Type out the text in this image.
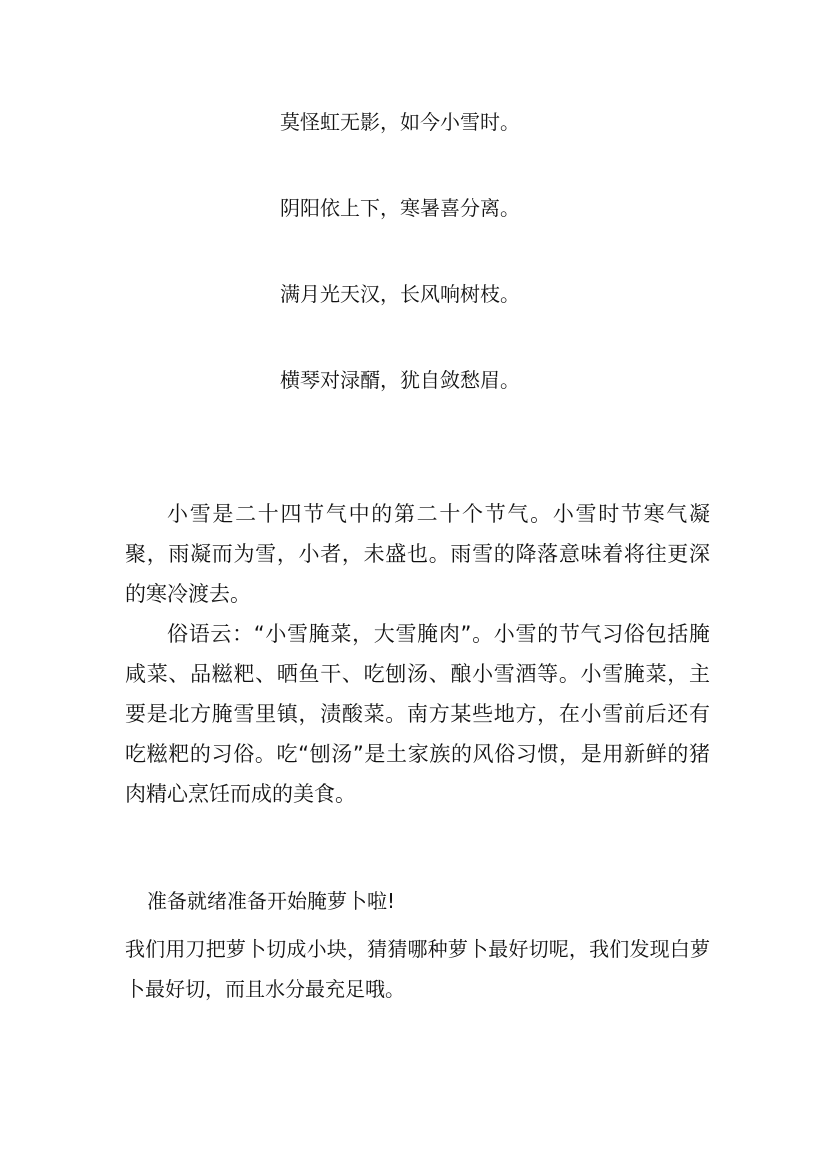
莫怪虹无影，如今小雪时。
阴阳依上下，寒暑喜分离。
满月光天汉，长风响树枝。
横琴对渌醑，犹自敛愁眉。

小雪是二十四节气中的第二十个节气。小雪时节寒气凝聚，雨凝而为雪，小者，未盛也。雨雪的降落意味着将往更深的寒冷渡去。

俗语云：“小雪腌菜，大雪腌肉”。小雪的节气习俗包括腌咸菜、品糍粑、晒鱼干、吃刨汤、酿小雪酒等。小雪腌菜，主要是北方腌雪里镇，渍酸菜。南方某些地方，在小雪前后还有吃糍粑的习俗。吃“刨汤”是土家族的风俗习惯，是用新鲜的猪肉精心烹饪而成的美食。

准备就绪准备开始腌萝卜啦!

我们用刀把萝卜切成小块，猜猜哪种萝卜最好切呢，我们发现白萝卜最好切，而且水分最充足哦。
